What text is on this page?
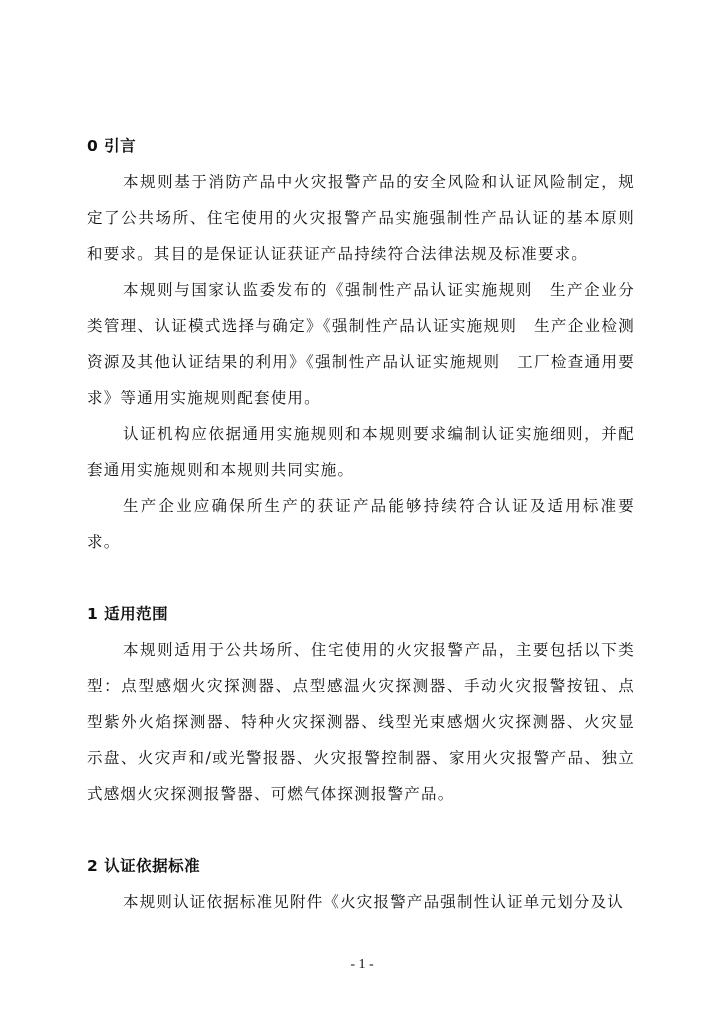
0 引言

本规则基于消防产品中火灾报警产品的安全风险和认证风险制定，规定了公共场所、住宅使用的火灾报警产品实施强制性产品认证的基本原则和要求。其目的是保证认证获证产品持续符合法律法规及标准要求。

本规则与国家认监委发布的《强制性产品认证实施规则　生产企业分类管理、认证模式选择与确定》《强制性产品认证实施规则　生产企业检测资源及其他认证结果的利用》《强制性产品认证实施规则　工厂检查通用要求》等通用实施规则配套使用。

认证机构应依据通用实施规则和本规则要求编制认证实施细则，并配套通用实施规则和本规则共同实施。

生产企业应确保所生产的获证产品能够持续符合认证及适用标准要求。

1 适用范围

本规则适用于公共场所、住宅使用的火灾报警产品，主要包括以下类型：点型感烟火灾探测器、点型感温火灾探测器、手动火灾报警按钮、点型紫外火焰探测器、特种火灾探测器、线型光束感烟火灾探测器、火灾显示盘、火灾声和/或光警报器、火灾报警控制器、家用火灾报警产品、独立式感烟火灾探测报警器、可燃气体探测报警产品。

2 认证依据标准

本规则认证依据标准见附件《火灾报警产品强制性认证单元划分及认

- 1 -
